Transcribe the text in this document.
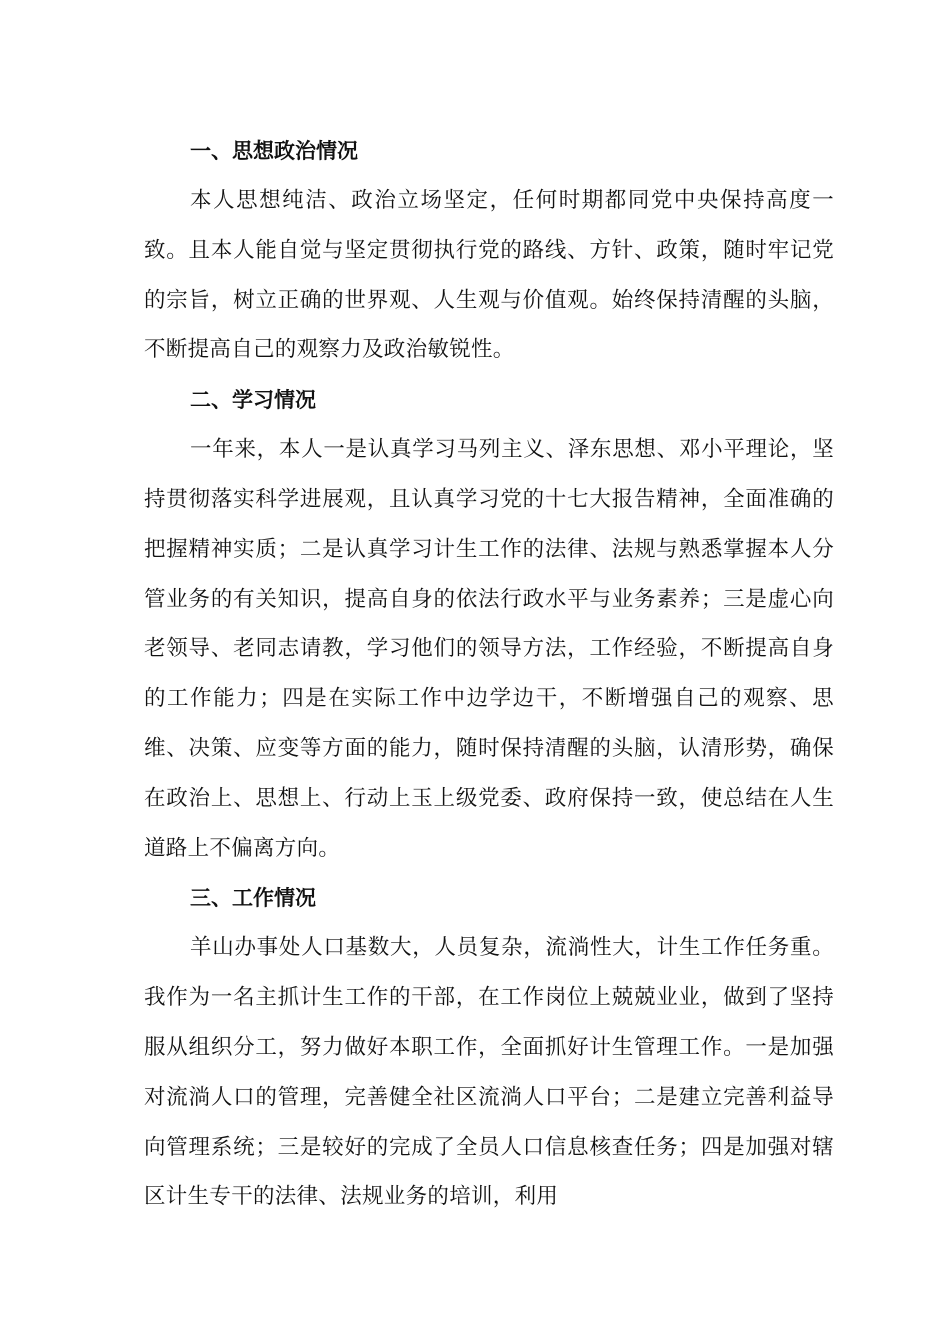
一、思想政治情况

本人思想纯洁、政治立场坚定，任何时期都同党中央保持高度一致。且本人能自觉与坚定贯彻执行党的路线、方针、政策，随时牢记党的宗旨，树立正确的世界观、人生观与价值观。始终保持清醒的头脑，不断提高自己的观察力及政治敏锐性。

二、学习情况

一年来，本人一是认真学习马列主义、泽东思想、邓小平理论，坚持贯彻落实科学进展观，且认真学习党的十七大报告精神，全面准确的把握精神实质；二是认真学习计生工作的法律、法规与熟悉掌握本人分管业务的有关知识，提高自身的依法行政水平与业务素养；三是虚心向老领导、老同志请教，学习他们的领导方法，工作经验，不断提高自身的工作能力；四是在实际工作中边学边干，不断增强自己的观察、思维、决策、应变等方面的能力，随时保持清醒的头脑，认清形势，确保在政治上、思想上、行动上玉上级党委、政府保持一致，使总结在人生道路上不偏离方向。

三、工作情况

羊山办事处人口基数大，人员复杂，流淌性大，计生工作任务重。我作为一名主抓计生工作的干部，在工作岗位上兢兢业业，做到了坚持服从组织分工，努力做好本职工作，全面抓好计生管理工作。一是加强对流淌人口的管理，完善健全社区流淌人口平台；二是建立完善利益导向管理系统；三是较好的完成了全员人口信息核查任务；四是加强对辖区计生专干的法律、法规业务的培训，利用
